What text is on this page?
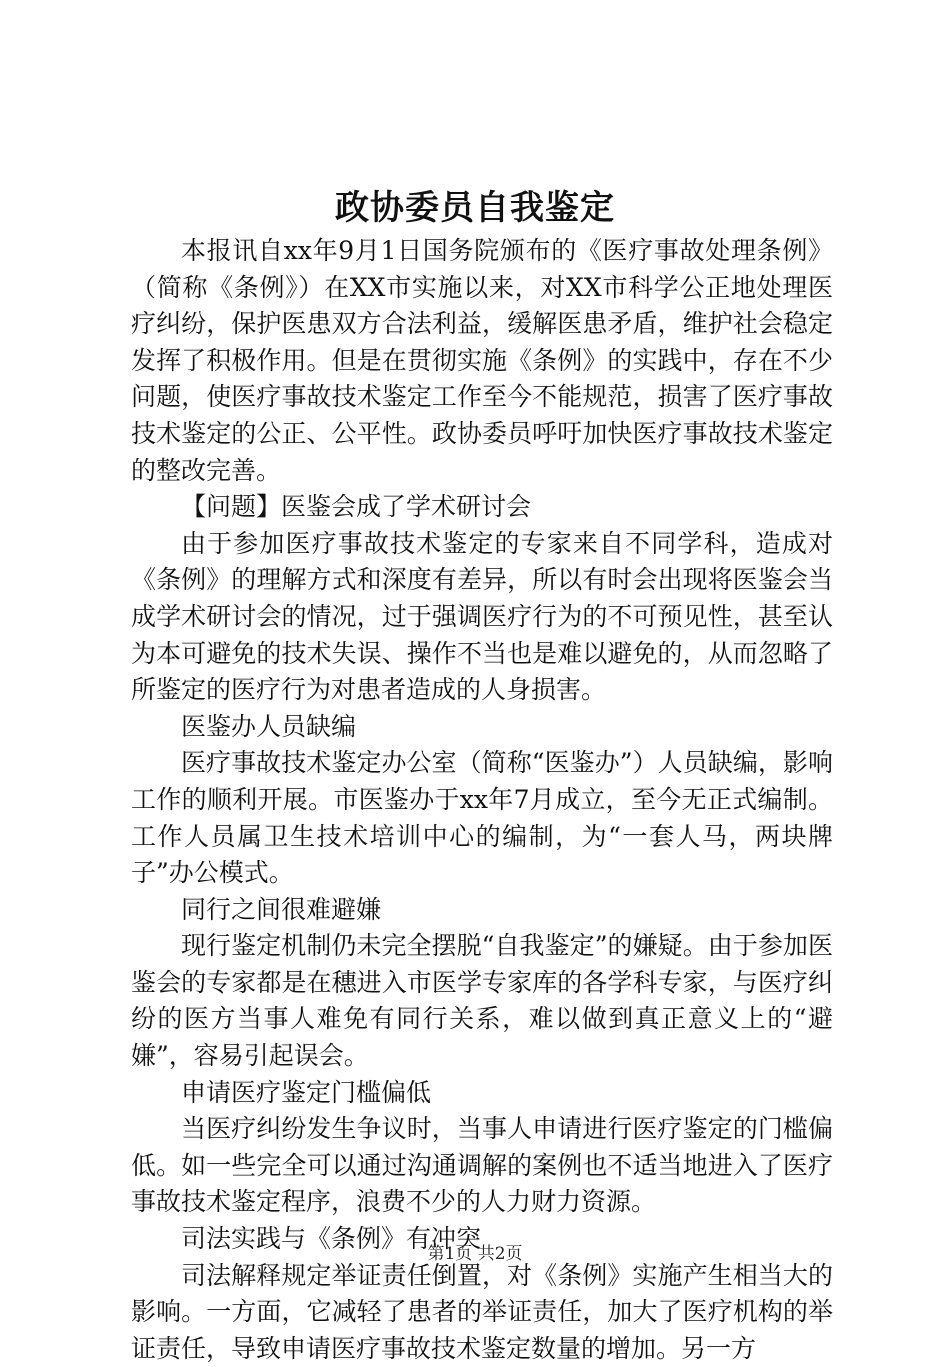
政协委员自我鉴定

本报讯自xx年9月1日国务院颁布的《医疗事故处理条例》（简称《条例》）在XX市实施以来，对XX市科学公正地处理医疗纠纷，保护医患双方合法利益，缓解医患矛盾，维护社会稳定发挥了积极作用。但是在贯彻实施《条例》的实践中，存在不少问题，使医疗事故技术鉴定工作至今不能规范，损害了医疗事故技术鉴定的公正、公平性。政协委员呼吁加快医疗事故技术鉴定的整改完善。

【问题】医鉴会成了学术研讨会

由于参加医疗事故技术鉴定的专家来自不同学科，造成对《条例》的理解方式和深度有差异，所以有时会出现将医鉴会当成学术研讨会的情况，过于强调医疗行为的不可预见性，甚至认为本可避免的技术失误、操作不当也是难以避免的，从而忽略了所鉴定的医疗行为对患者造成的人身损害。

医鉴办人员缺编

医疗事故技术鉴定办公室（简称“医鉴办”）人员缺编，影响工作的顺利开展。市医鉴办于xx年7月成立，至今无正式编制。工作人员属卫生技术培训中心的编制，为“一套人马，两块牌子”办公模式。

同行之间很难避嫌

现行鉴定机制仍未完全摆脱“自我鉴定”的嫌疑。由于参加医鉴会的专家都是在穗进入市医学专家库的各学科专家，与医疗纠纷的医方当事人难免有同行关系，难以做到真正意义上的“避嫌”，容易引起误会。

申请医疗鉴定门槛偏低

当医疗纠纷发生争议时，当事人申请进行医疗鉴定的门槛偏低。如一些完全可以通过沟通调解的案例也不适当地进入了医疗事故技术鉴定程序，浪费不少的人力财力资源。

司法实践与《条例》有冲突

司法解释规定举证责任倒置，对《条例》实施产生相当大的影响。一方面，它减轻了患者的举证责任，加大了医疗机构的举证责任，导致申请医疗事故技术鉴定数量的增加。另一方

第1页 共2页
